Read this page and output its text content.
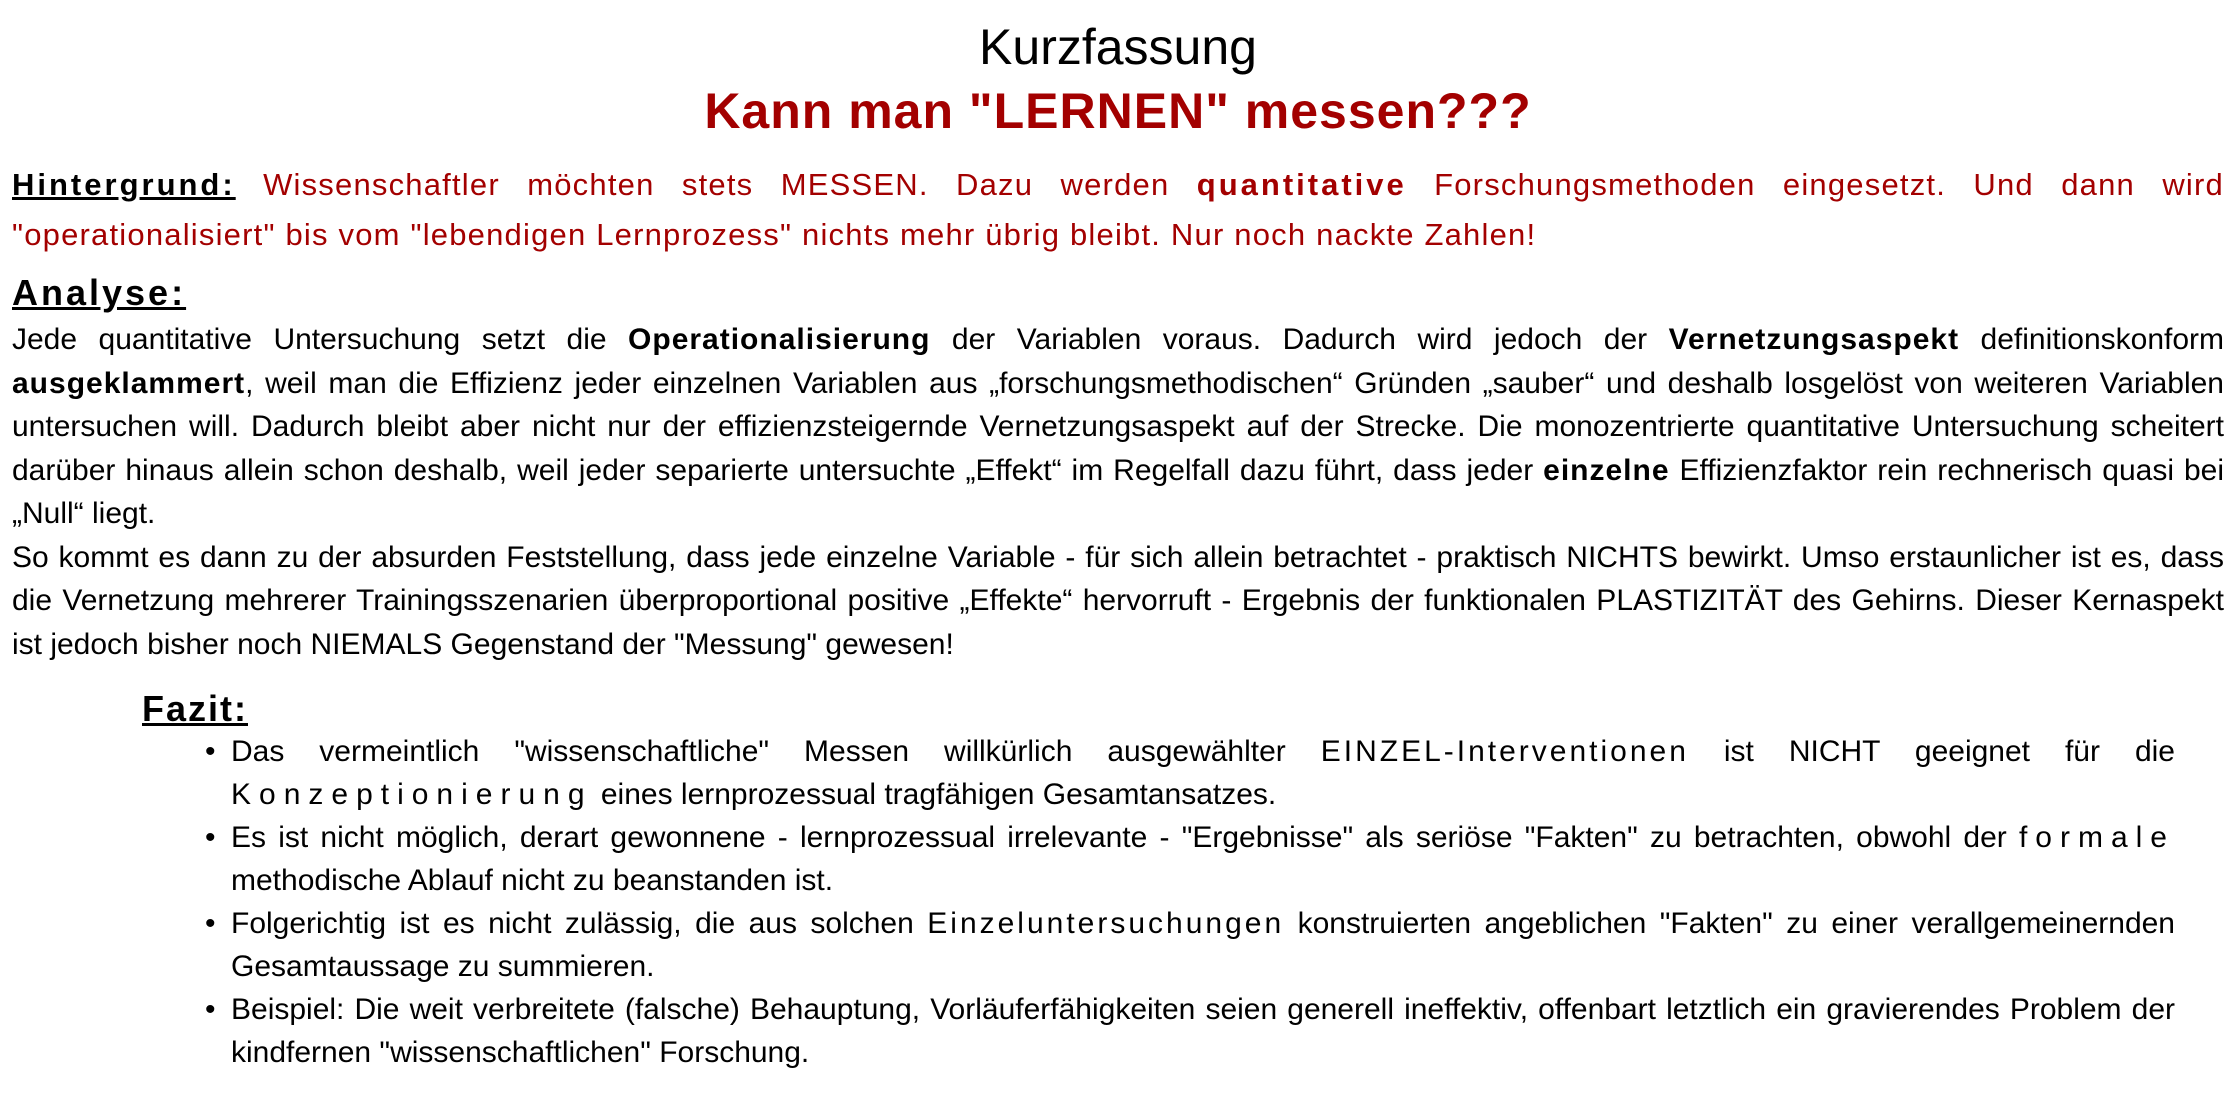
Kurzfassung
Kann man "LERNEN" messen???
Hintergrund: Wissenschaftler möchten stets MESSEN. Dazu werden quantitative Forschungsmethoden eingesetzt. Und dann wird "operationalisiert" bis vom "lebendigen Lernprozess" nichts mehr übrig bleibt. Nur noch nackte Zahlen!
Analyse:
Jede quantitative Untersuchung setzt die Operationalisierung der Variablen voraus. Dadurch wird jedoch der Vernetzungsaspekt definitionskonform ausgeklammert, weil man die Effizienz jeder einzelnen Variablen aus „forschungsmethodischen“ Gründen „sauber“ und deshalb losgelöst von weiteren Variablen untersuchen will. Dadurch bleibt aber nicht nur der effizienzsteigernde Vernetzungsaspekt auf der Strecke. Die monozentrierte quantitative Untersuchung scheitert darüber hinaus allein schon deshalb, weil jeder separierte untersuchte „Effekt“ im Regelfall dazu führt, dass jeder einzelne Effizienzfaktor rein rechnerisch quasi bei „Null“ liegt.
So kommt es dann zu der absurden Feststellung, dass jede einzelne Variable - für sich allein betrachtet - praktisch NICHTS bewirkt. Umso erstaunlicher ist es, dass die Vernetzung mehrerer Trainingsszenarien überproportional positive „Effekte“ hervorruft - Ergebnis der funktionalen PLASTIZITÄT des Gehirns. Dieser Kernaspekt ist jedoch bisher noch NIEMALS Gegenstand der "Messung" gewesen!
Fazit:
• Das vermeintlich "wissenschaftliche" Messen willkürlich ausgewählter EINZEL-Interventionen ist NICHT geeignet für die Konzeptionierung eines lernprozessual tragfähigen Gesamtansatzes.
• Es ist nicht möglich, derart gewonnene - lernprozessual irrelevante - "Ergebnisse" als seriöse "Fakten" zu betrachten, obwohl der formale methodische Ablauf nicht zu beanstanden ist.
• Folgerichtig ist es nicht zulässig, die aus solchen Einzeluntersuchungen konstruierten angeblichen "Fakten" zu einer verallgemeinernden Gesamtaussage zu summieren.
• Beispiel: Die weit verbreitete (falsche) Behauptung, Vorläuferfähigkeiten seien generell ineffektiv, offenbart letztlich ein gravierendes Problem der kindfernen "wissenschaftlichen" Forschung.
